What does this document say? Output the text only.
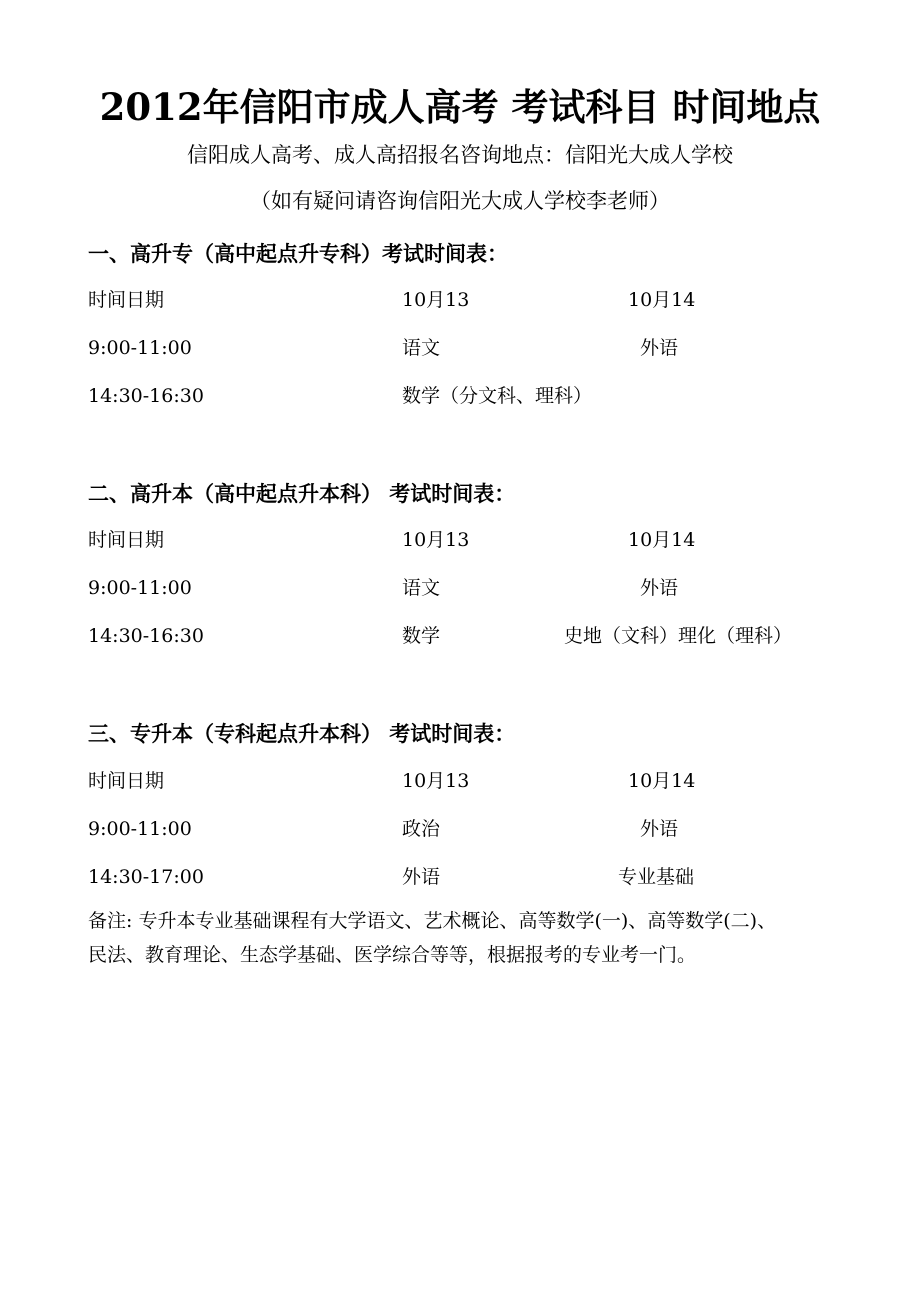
2012年信阳市成人高考 考试科目 时间地点
信阳成人高考、成人高招报名咨询地点：信阳光大成人学校
（如有疑问请咨询信阳光大成人学校李老师）
一、高升专（高中起点升专科）考试时间表：
时间日期	10月13	10月14
9:00-11:00	语文	外语
14:30-16:30	数学（分文科、理科）
二、高升本（高中起点升本科） 考试时间表：
时间日期	10月13	10月14
9:00-11:00	语文	外语
14:30-16:30	数学	史地（文科）理化（理科）
三、专升本（专科起点升本科） 考试时间表：
时间日期	10月13	10月14
9:00-11:00	政治	外语
14:30-17:00	外语	专业基础
备注: 专升本专业基础课程有大学语文、艺术概论、高等数学(一)、高等数学(二)、
民法、教育理论、生态学基础、医学综合等等，根据报考的专业考一门。
